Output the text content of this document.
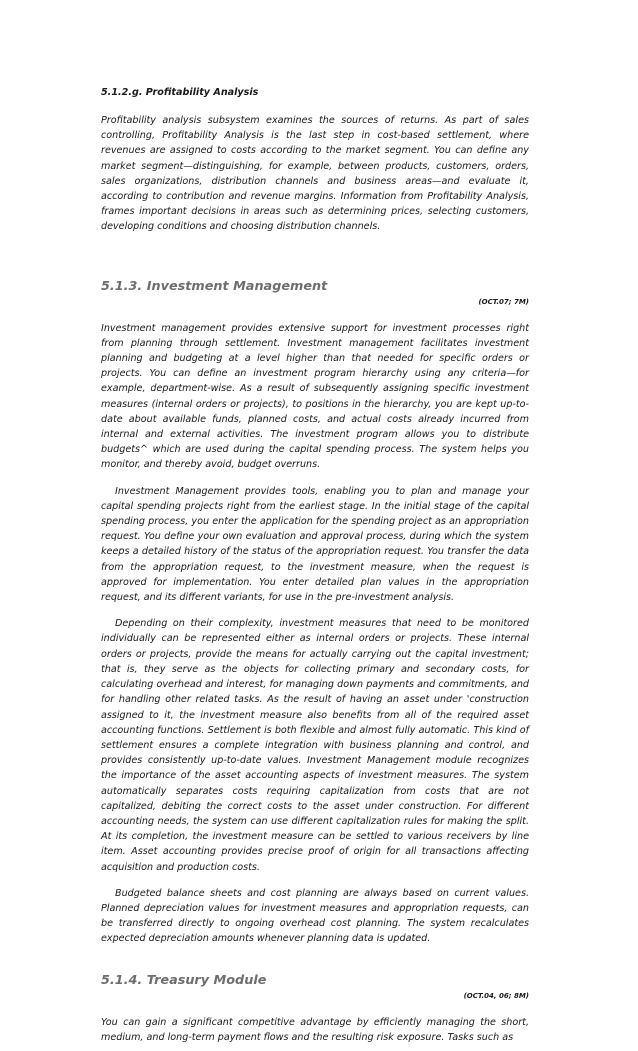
5.1.2.g. Profitability Analysis

Profitability analysis subsystem examines the sources of returns. As part of sales controlling, Profitability Analysis is the last step in cost-based settlement, where revenues are assigned to costs according to the market segment. You can define any market segment—distinguishing, for example, between products, customers, orders, sales organizations, distribution channels and business areas—and evaluate it, according to contribution and revenue margins. Information from Profitability Analysis, frames important decisions in areas such as determining prices, selecting customers, developing conditions and choosing distribution channels.

5.1.3. Investment Management
(OCT.07; 7M)

Investment management provides extensive support for investment processes right from planning through settlement. Investment management facilitates investment planning and budgeting at a level higher than that needed for specific orders or projects. You can define an investment program hierarchy using any criteria—for example, department-wise. As a result of subsequently assigning specific investment measures (internal orders or projects), to positions in the hierarchy, you are kept up-to-date about available funds, planned costs, and actual costs already incurred from internal and external activities. The investment program allows you to distribute budgets^ which are used during the capital spending process. The system helps you monitor, and thereby avoid, budget overruns.

Investment Management provides tools, enabling you to plan and manage your capital spending projects right from the earliest stage. In the initial stage of the capital spending process, you enter the application for the spending project as an appropriation request. You define your own evaluation and approval process, during which the system keeps a detailed history of the status of the appropriation request. You transfer the data from the appropriation request, to the investment measure, when the request is approved for implementation. You enter detailed plan values in the appropriation request, and its different variants, for use in the pre-investment analysis.

Depending on their complexity, investment measures that need to be monitored individually can be represented either as internal orders or projects. These internal orders or projects, provide the means for actually carrying out the capital investment; that is, they serve as the objects for collecting primary and secondary costs, for calculating overhead and interest, for managing down payments and commitments, and for handling other related tasks. As the result of having an asset under 'construction assigned to it, the investment measure also benefits from all of the required asset accounting functions. Settlement is both flexible and almost fully automatic. This kind of settlement ensures a complete integration with business planning and control, and provides consistently up-to-date values. Investment Management module recognizes the importance of the asset accounting aspects of investment measures. The system automatically separates costs requiring capitalization from costs that are not capitalized, debiting the correct costs to the asset under construction. For different accounting needs, the system can use different capitalization rules for making the split. At its completion, the investment measure can be settled to various receivers by line item. Asset accounting provides precise proof of origin for all transactions affecting acquisition and production costs.

Budgeted balance sheets and cost planning are always based on current values. Planned depreciation values for investment measures and appropriation requests, can be transferred directly to ongoing overhead cost planning. The system recalculates expected depreciation amounts whenever planning data is updated.

5.1.4. Treasury Module
(OCT.04, 06; 8M)

You can gain a significant competitive advantage by efficiently managing the short, medium, and long-term payment flows and the resulting risk exposure. Tasks such as
